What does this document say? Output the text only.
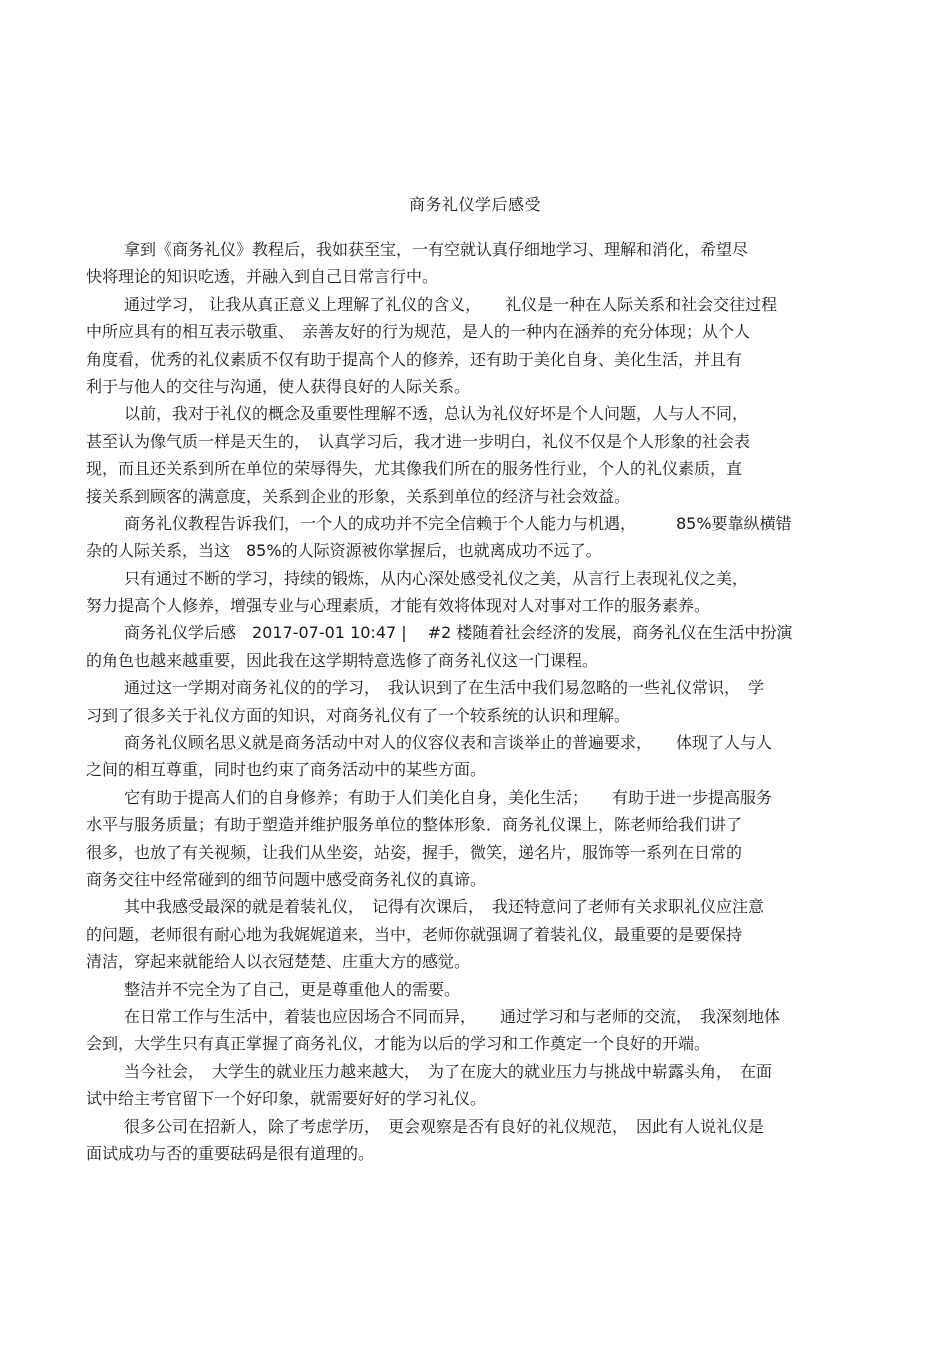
商务礼仪学后感受
拿到《商务礼仪》教程后，我如获至宝，一有空就认真仔细地学习、理解和消化，希望尽
快将理论的知识吃透，并融入到自己日常言行中。
通过学习， 让我从真正意义上理解了礼仪的含义，　　礼仪是一种在人际关系和社会交往过程
中所应具有的相互表示敬重、　亲善友好的行为规范，是人的一种内在涵养的充分体现；从个人
角度看，优秀的礼仪素质不仅有助于提高个人的修养，还有助于美化自身、美化生活，并且有
利于与他人的交往与沟通，使人获得良好的人际关系。
以前，我对于礼仪的概念及重要性理解不透，总认为礼仪好坏是个人问题，人与人不同，
甚至认为像气质一样是天生的，　认真学习后，我才进一步明白，礼仪不仅是个人形象的社会表
现，而且还关系到所在单位的荣辱得失，尤其像我们所在的服务性行业，个人的礼仪素质，直
接关系到顾客的满意度，关系到企业的形象，关系到单位的经济与社会效益。
商务礼仪教程告诉我们，一个人的成功并不完全信赖于个人能力与机遇，　　　85%要靠纵横错
杂的人际关系，当这　85%的人际资源被你掌握后，也就离成功不远了。
只有通过不断的学习，持续的锻炼，从内心深处感受礼仪之美，从言行上表现礼仪之美，
努力提高个人修养，增强专业与心理素质，才能有效将体现对人对事对工作的服务素养。
商务礼仪学后感　2017-07-01 10:47 |　 #2 楼随着社会经济的发展，商务礼仪在生活中扮演
的角色也越来越重要，因此我在这学期特意选修了商务礼仪这一门课程。
通过这一学期对商务礼仪的的学习，　我认识到了在生活中我们易忽略的一些礼仪常识，　学
习到了很多关于礼仪方面的知识，对商务礼仪有了一个较系统的认识和理解。
商务礼仪顾名思义就是商务活动中对人的仪容仪表和言谈举止的普遍要求，　　体现了人与人
之间的相互尊重，同时也约束了商务活动中的某些方面。
它有助于提高人们的自身修养；有助于人们美化自身，美化生活；　　有助于进一步提高服务
水平与服务质量；有助于塑造并维护服务单位的整体形象．商务礼仪课上，陈老师给我们讲了
很多，也放了有关视频，让我们从坐姿，站姿，握手，微笑，递名片，服饰等一系列在日常的
商务交往中经常碰到的细节问题中感受商务礼仪的真谛。
其中我感受最深的就是着装礼仪，　记得有次课后，　我还特意问了老师有关求职礼仪应注意
的问题，老师很有耐心地为我娓娓道来，当中，老师你就强调了着装礼仪，最重要的是要保持
清洁，穿起来就能给人以衣冠楚楚、庄重大方的感觉。
整洁并不完全为了自己，更是尊重他人的需要。
在日常工作与生活中，着装也应因场合不同而异，　　通过学习和与老师的交流，　我深刻地体
会到，大学生只有真正掌握了商务礼仪，才能为以后的学习和工作奠定一个良好的开端。
当今社会，　大学生的就业压力越来越大，　为了在庞大的就业压力与挑战中崭露头角，　在面
试中给主考官留下一个好印象，就需要好好的学习礼仪。
很多公司在招新人，除了考虑学历，　更会观察是否有良好的礼仪规范，　因此有人说礼仪是
面试成功与否的重要砝码是很有道理的。
